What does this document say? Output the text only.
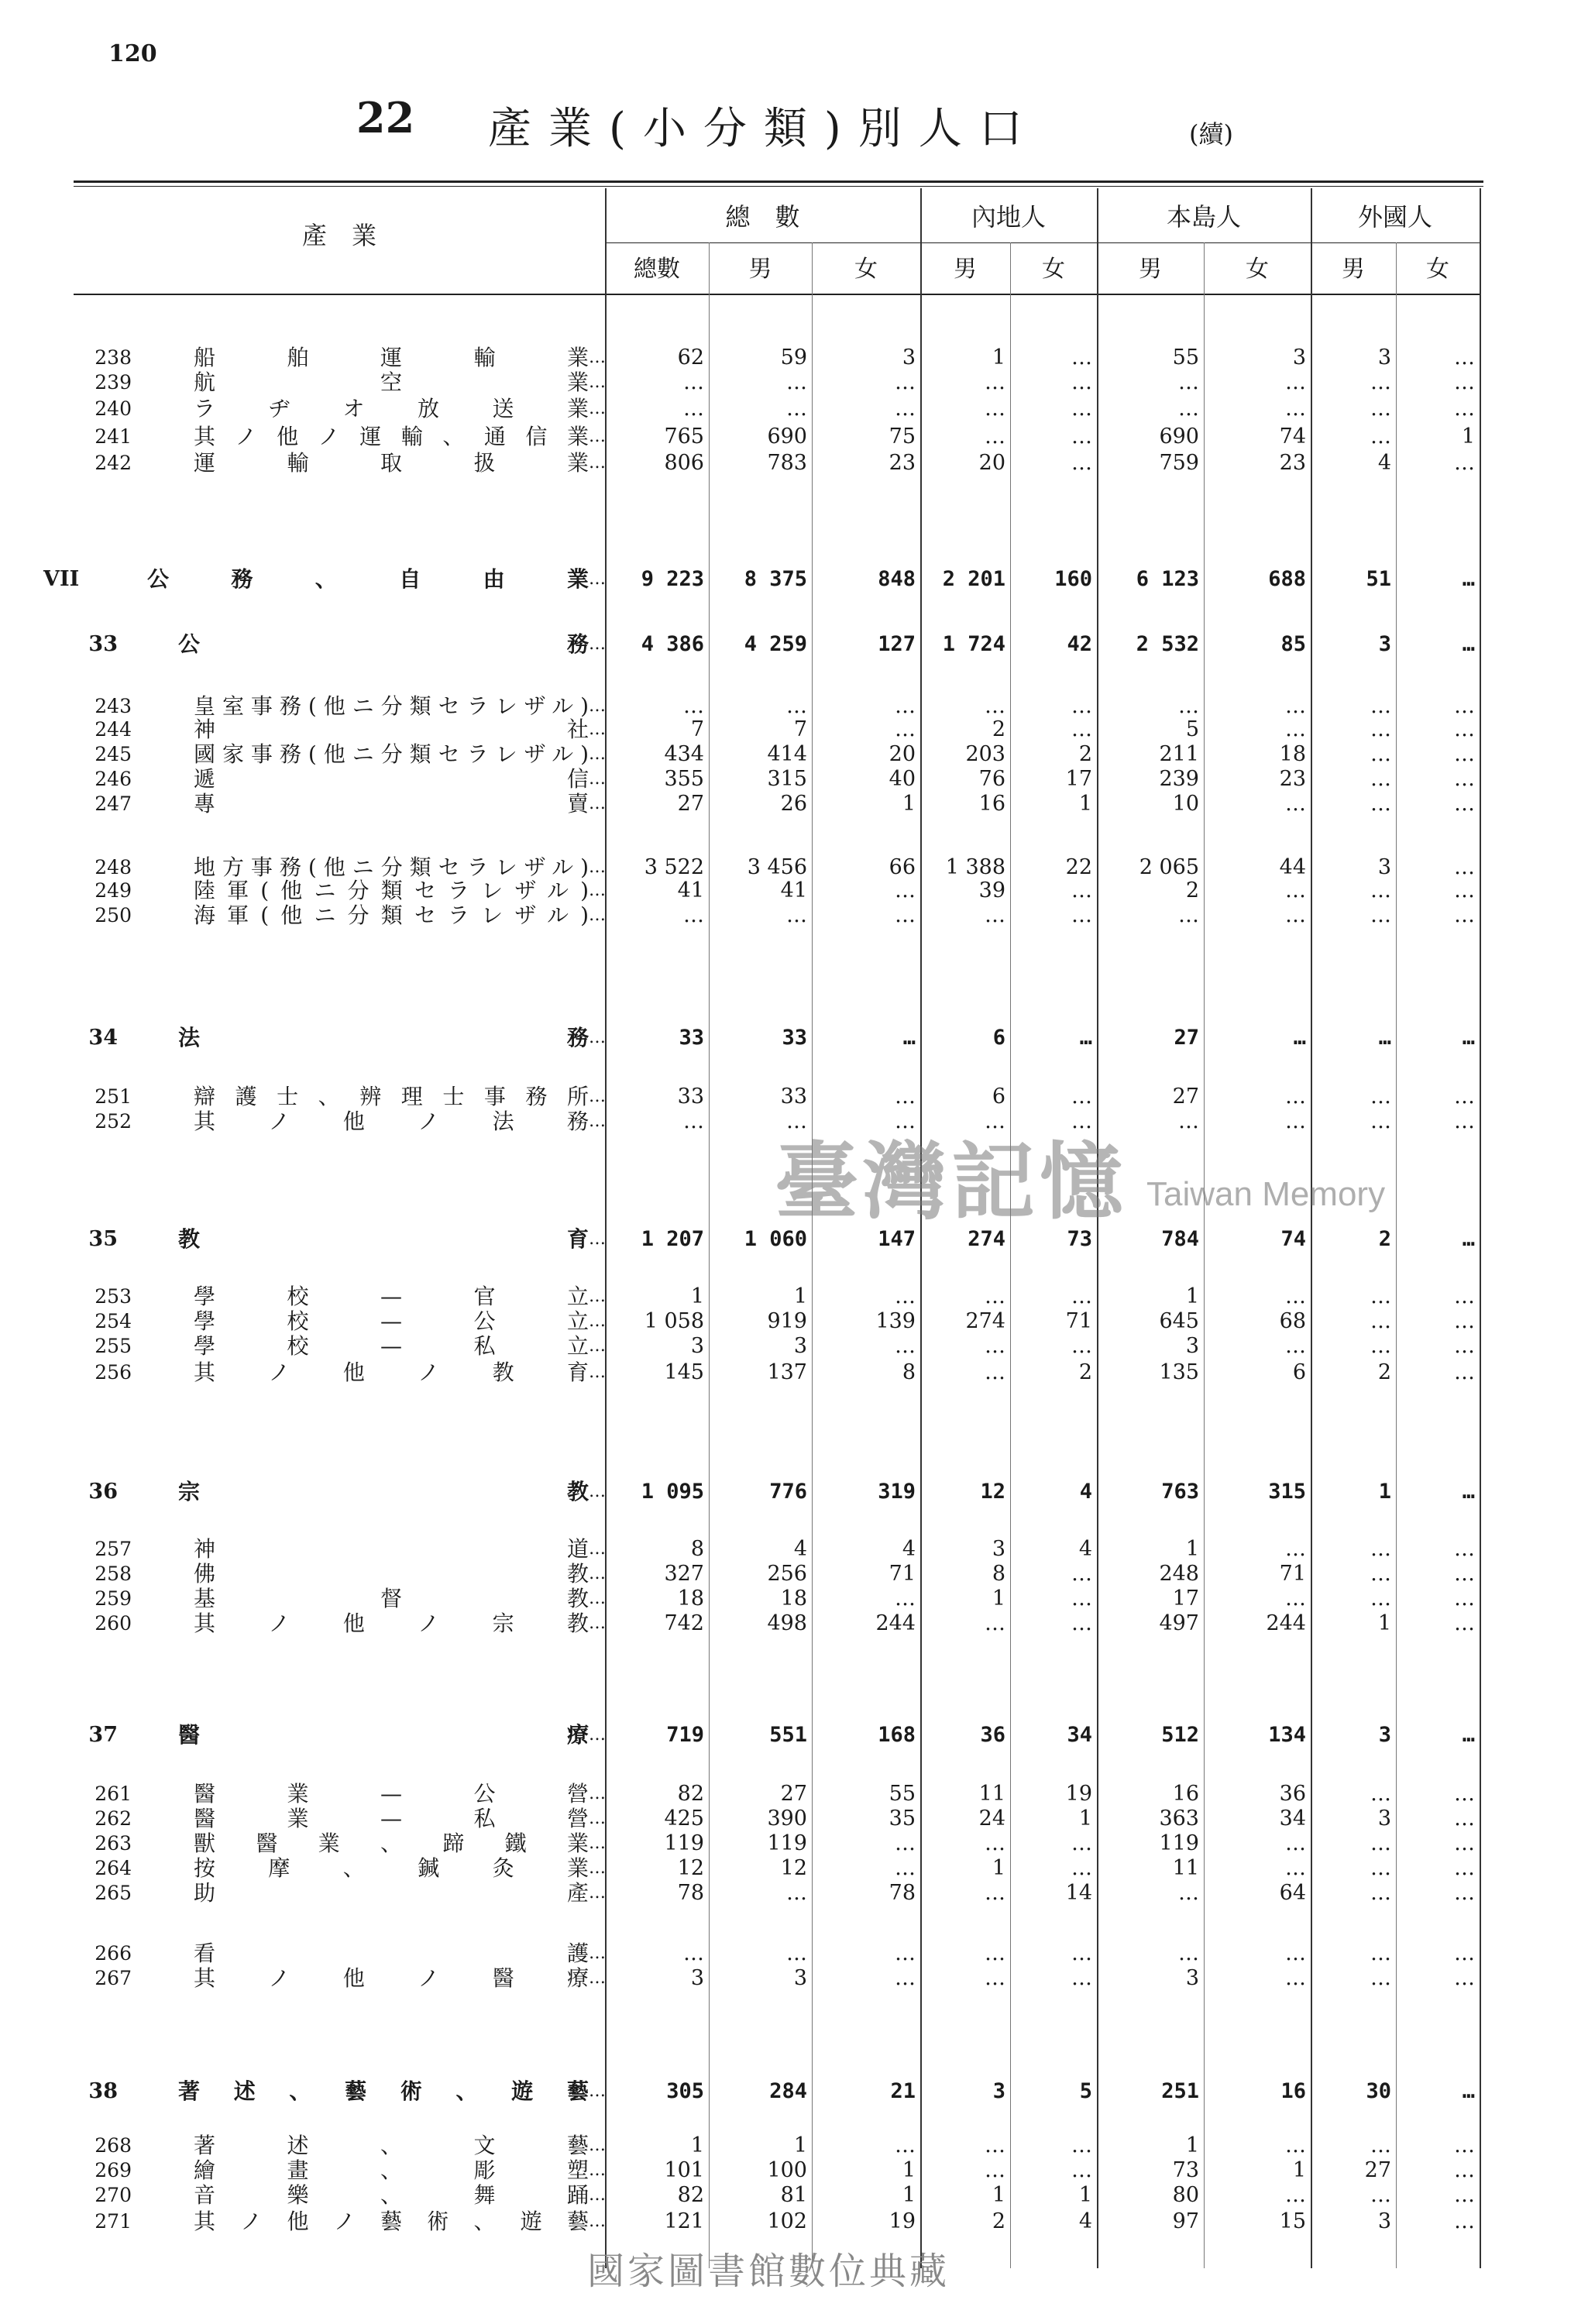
120
22 產業(小分類)別人口	(續)
產　業
總　數	內地人	本島人	外國人
總數	男	女	男	女	男	女	男	女
238	船舶運輸業 …	62	59	3	1	…	55	3	3	…
239	航空業 …	…	…	…	…	…	…	…	…	…
240	ラヂオ放送業 …	…	…	…	…	…	…	…	…	…
241	其ノ他ノ運輸、通信業 …	765	690	75	…	…	690	74	…	1
242	運輸取扱業 …	806	783	23	20	…	759	23	4	…
VII	公務、自由業 …	9 223	8 375	848	2 201	160	6 123	688	51	…
33	公務 …	4 386	4 259	127	1 724	42	2 532	85	3	…
243	皇室事務(他ニ分類セラレザル) …	…	…	…	…	…	…	…	…	…
244	神社 …	7	7	…	2	…	5	…	…	…
245	國家事務(他ニ分類セラレザル) …	434	414	20	203	2	211	18	…	…
246	遞信 …	355	315	40	76	17	239	23	…	…
247	專賣 …	27	26	1	16	1	10	…	…	…
248	地方事務(他ニ分類セラレザル) …	3 522	3 456	66	1 388	22	2 065	44	3	…
249	陸軍(他ニ分類セラレザル) …	41	41	…	39	…	2	…	…	…
250	海軍(他ニ分類セラレザル) …	…	…	…	…	…	…	…	…	…
34	法務 …	33	33	…	6	…	27	…	…	…
251	辯護士、辨理士事務所 …	33	33	…	6	…	27	…	…	…
252	其ノ他ノ法務 …	…	…	…	…	…	…	…	…	…
35	教育 …	1 207	1 060	147	274	73	784	74	2	…
253	學校—官立 …	1	1	…	…	…	1	…	…	…
254	學校—公立 …	1 058	919	139	274	71	645	68	…	…
255	學校—私立 …	3	3	…	…	…	3	…	…	…
256	其ノ他ノ教育 …	145	137	8	…	2	135	6	2	…
36	宗教 …	1 095	776	319	12	4	763	315	1	…
257	神道 …	8	4	4	3	4	1	…	…	…
258	佛教 …	327	256	71	8	…	248	71	…	…
259	基督教 …	18	18	…	1	…	17	…	…	…
260	其ノ他ノ宗教 …	742	498	244	…	…	497	244	1	…
37	醫療 …	719	551	168	36	34	512	134	3	…
261	醫業—公營 …	82	27	55	11	19	16	36	…	…
262	醫業—私營 …	425	390	35	24	1	363	34	3	…
263	獸醫業、蹄鐵業 …	119	119	…	…	…	119	…	…	…
264	按摩、鍼灸業 …	12	12	…	1	…	11	…	…	…
265	助產 …	78	…	78	…	14	…	64	…	…
266	看護 …	…	…	…	…	…	…	…	…	…
267	其ノ他ノ醫療 …	3	3	…	…	…	3	…	…	…
38	著述、藝術、遊藝 …	305	284	21	3	5	251	16	30	…
268	著述、文藝 …	1	1	…	…	…	1	…	…	…
269	繪畫、彫塑 …	101	100	1	…	…	73	1	27	…
270	音樂、舞踊 …	82	81	1	1	1	80	…	…	…
271	其ノ他ノ藝術、遊藝 …	121	102	19	2	4	97	15	3	…
臺灣記憶 Taiwan Memory
國家圖書館數位典藏
